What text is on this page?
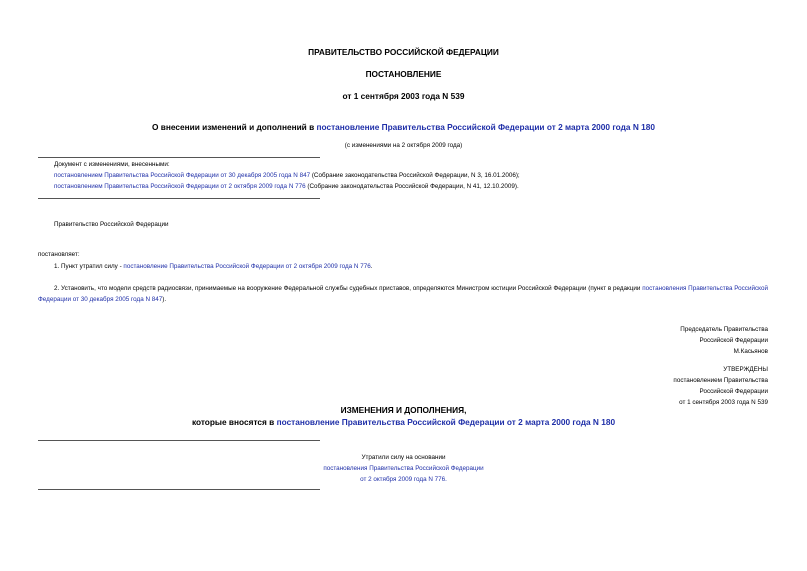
ПРАВИТЕЛЬСТВО РОССИЙСКОЙ ФЕДЕРАЦИИ
ПОСТАНОВЛЕНИЕ
от 1 сентября 2003 года N 539
О внесении изменений и дополнений в постановление Правительства Российской Федерации от 2 марта 2000 года N 180
(с изменениями на 2 октября 2009 года)
Документ с изменениями, внесенными:
постановлением Правительства Российской Федерации от 30 декабря 2005 года N 847 (Собрание законодательства Российской Федерации, N 3, 16.01.2006);
постановлением Правительства Российской Федерации от 2 октября 2009 года N 776 (Собрание законодательства Российской Федерации, N 41, 12.10.2009).
Правительство Российской Федерации
постановляет:
1. Пункт утратил силу - постановление Правительства Российской Федерации от 2 октября 2009 года N 776.
2. Установить, что модели средств радиосвязи, принимаемые на вооружение Федеральной службы судебных приставов, определяются Министром юстиции Российской Федерации (пункт в редакции постановления Правительства Российской Федерации от 30 декабря 2005 года N 847).
Председатель Правительства
Российской Федерации
М.Касьянов
УТВЕРЖДЕНЫ
постановлением Правительства
Российской Федерации
от 1 сентября 2003 года N 539
ИЗМЕНЕНИЯ И ДОПОЛНЕНИЯ,
которые вносятся в постановление Правительства Российской Федерации от 2 марта 2000 года N 180
Утратили силу на основании
постановления Правительства Российской Федерации
от 2 октября 2009 года N 776.
